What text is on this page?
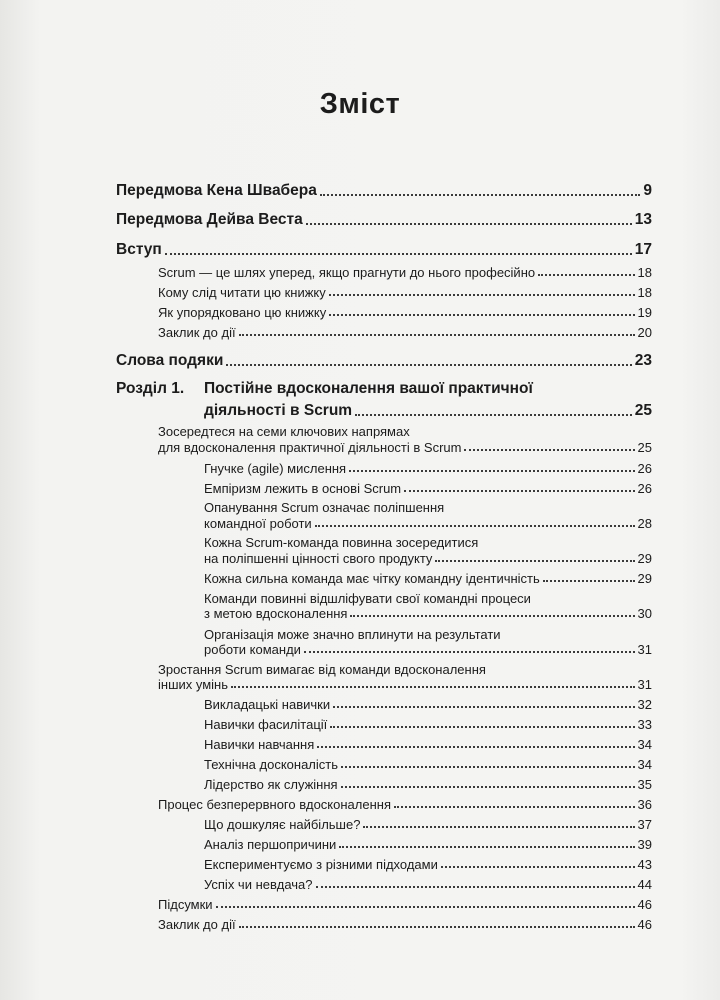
Зміст
Передмова Кена Швабера	9
Передмова Дейва Веста	13
Вступ	17
Scrum — це шлях уперед, якщо прагнути до нього професійно	18
Кому слід читати цю книжку	18
Як упорядковано цю книжку	19
Заклик до дії	20
Слова подяки	23
Розділ 1. Постійне вдосконалення вашої практичної
діяльності в Scrum	25
Зосередтеся на семи ключових напрямах
для вдосконалення практичної діяльності в Scrum	25
Гнучке (agile) мислення	26
Емпіризм лежить в основі Scrum	26
Опанування Scrum означає поліпшення
командної роботи	28
Кожна Scrum-команда повинна зосередитися
на поліпшенні цінності свого продукту	29
Кожна сильна команда має чітку командну ідентичність	29
Команди повинні відшліфувати свої командні процеси
з метою вдосконалення	30
Організація може значно вплинути на результати
роботи команди	31
Зростання Scrum вимагає від команди вдосконалення
інших умінь	31
Викладацькі навички	32
Навички фасилітації	33
Навички навчання	34
Технічна досконалість	34
Лідерство як служіння	35
Процес безперервного вдосконалення	36
Що дошкуляє найбільше?	37
Аналіз першопричини	39
Експериментуємо з різними підходами	43
Успіх чи невдача?	44
Підсумки	46
Заклик до дії	46
